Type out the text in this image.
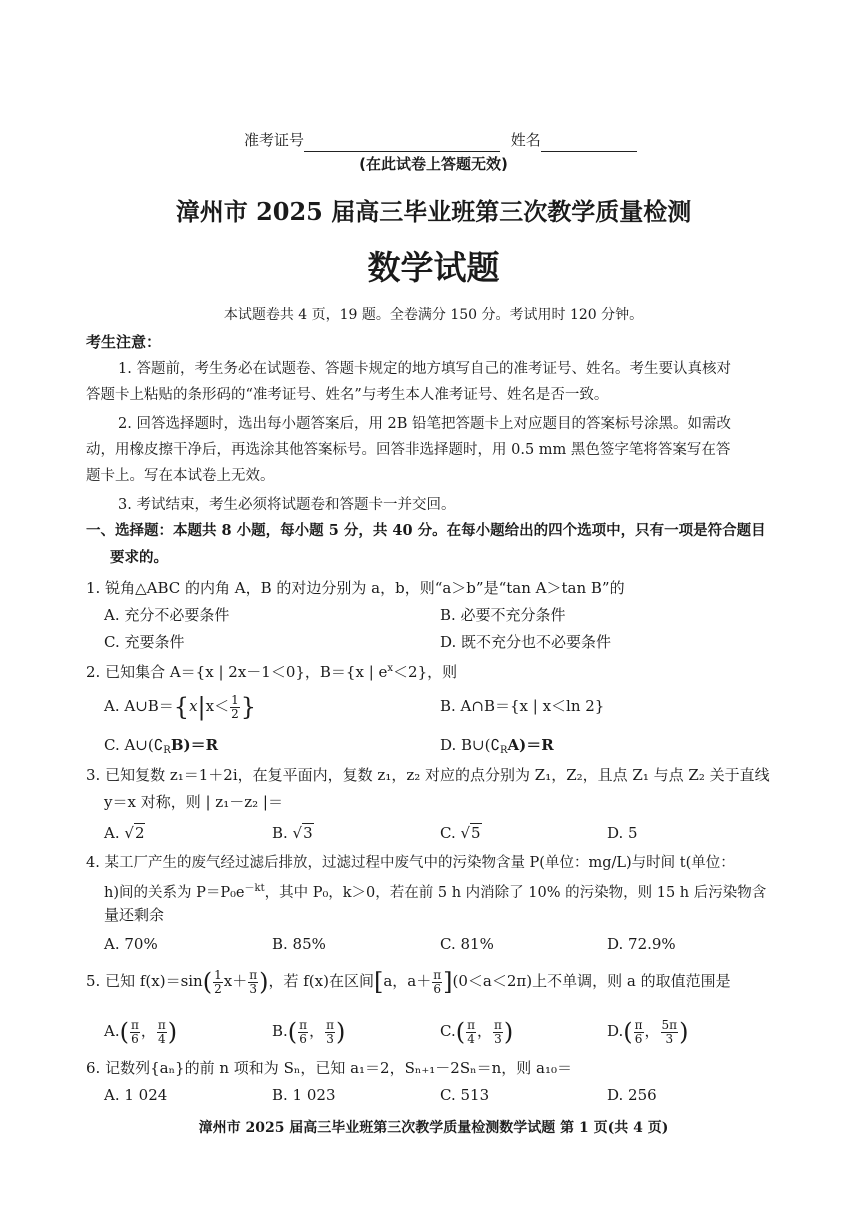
准考证号	姓名
(在此试卷上答题无效)
漳州市 2025 届高三毕业班第三次教学质量检测
数学试题
本试题卷共 4 页，19 题。全卷满分 150 分。考试用时 120 分钟。
考生注意：
1. 答题前，考生务必在试题卷、答题卡规定的地方填写自己的准考证号、姓名。考生要认真核对
答题卡上粘贴的条形码的“准考证号、姓名”与考生本人准考证号、姓名是否一致。
2. 回答选择题时，选出每小题答案后，用 2B 铅笔把答题卡上对应题目的答案标号涂黑。如需改
动，用橡皮擦干净后，再选涂其他答案标号。回答非选择题时，用 0.5 mm 黑色签字笔将答案写在答
题卡上。写在本试卷上无效。
3. 考试结束，考生必须将试题卷和答题卡一并交回。
一、选择题：本题共 8 小题，每小题 5 分，共 40 分。在每小题给出的四个选项中，只有一项是符合题目
要求的。
1. 锐角△ABC 的内角 A，B 的对边分别为 a，b，则“a＞b”是“tan A＞tan B”的
A. 充分不必要条件	B. 必要不充分条件
C. 充要条件	D. 既不充分也不必要条件
2. 已知集合 A＝{x | 2x－1＜0}，B＝{x | $e^x<2$}，则
A. A∪B＝{x|x＜ $\frac{1}{2}$ }	B. A∩B＝{x | x＜ln 2}
C. $A\cup(∁_RB)=R$	D. $B\cup(∁_RA)=R$
3. 已知复数 z₁＝1＋2i，在复平面内，复数 z₁，z₂ 对应的点分别为 Z₁，Z₂，且点 Z₁ 与点 Z₂ 关于直线
y＝x 对称，则 | z₁－z₂ |＝
A. √2	B. √3	C. √5	D. 5
4. 某工厂产生的废气经过滤后排放，过滤过程中废气中的污染物含量 P(单位：mg/L)与时间 t(单位：
h)间的关系为 $P=P_0e^{-kt}$，其中 P₀，k＞0，若在前 5 h 内消除了 10% 的污染物，则 15 h 后污染物含
量还剩余
A. 70%	B. 85%	C. 81%	D. 72.9%
5. 已知 $f(x)=\sin( \frac{1}{2} x+ \frac{\pi}{3}$ )，若 f(x)在区间[a，$a+ \frac{\pi}{6} ](0<a<2\pi)$上不单调，则 a 的取值范围是
$A.( \frac{\pi}{6}$ ， $\frac{\pi}{4}$ )	$B.( \frac{\pi}{6}$ ， $\frac{\pi}{3}$ )	$C.( \frac{\pi}{4}$ ， $\frac{\pi}{3}$ )	$D.( \frac{\pi}{6}$ ， $\frac{5\pi}{3}$ )
6. 记数列{aₙ}的前 n 项和为 Sₙ，已知 a₁＝2，Sₙ₊₁－2Sₙ＝n，则 a₁₀＝
A. 1 024	B. 1 023	C. 513	D. 256
漳州市 2025 届高三毕业班第三次教学质量检测数学试题 第 1 页(共 4 页)
